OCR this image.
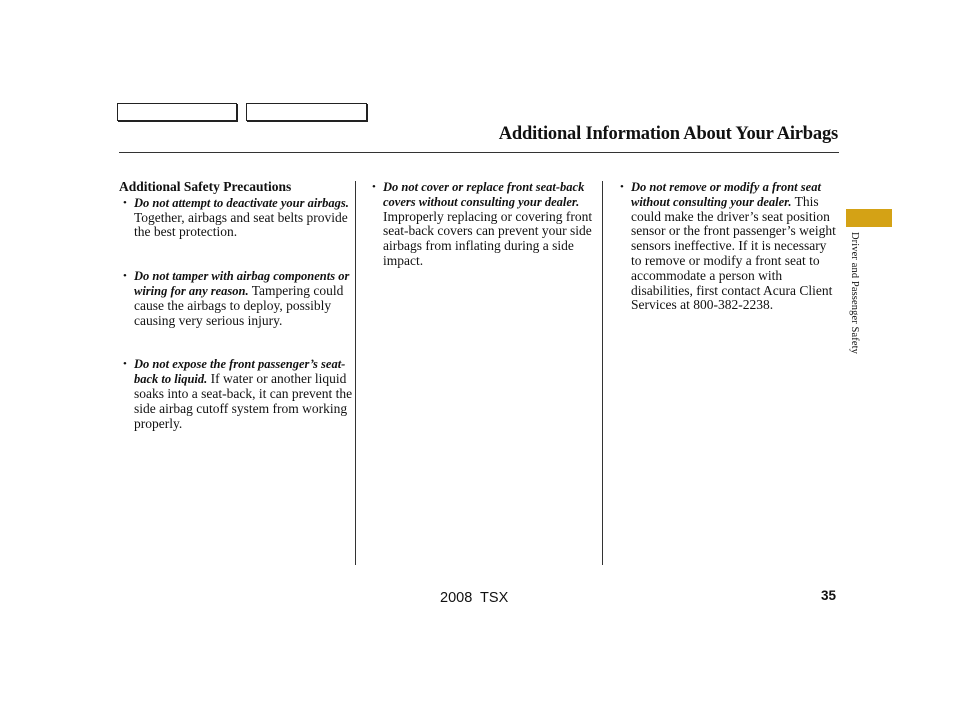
Additional Information About Your Airbags
Additional Safety Precautions

• Do not attempt to deactivate your airbags. Together, airbags and seat belts provide the best protection.

• Do not tamper with airbag components or wiring for any reason. Tampering could cause the airbags to deploy, possibly causing very serious injury.

• Do not expose the front passenger’s seat-back to liquid. If water or another liquid soaks into a seat-back, it can prevent the side airbag cutoff system from working properly.

• Do not cover or replace front seat-back covers without consulting your dealer. Improperly replacing or covering front seat-back covers can prevent your side airbags from inflating during a side impact.

• Do not remove or modify a front seat without consulting your dealer. This could make the driver’s seat position sensor or the front passenger’s weight sensors ineffective. If it is necessary to remove or modify a front seat to accommodate a person with disabilities, first contact Acura Client Services at 800-382-2238.	Driver and Passenger Safety
2008  TSX	35
